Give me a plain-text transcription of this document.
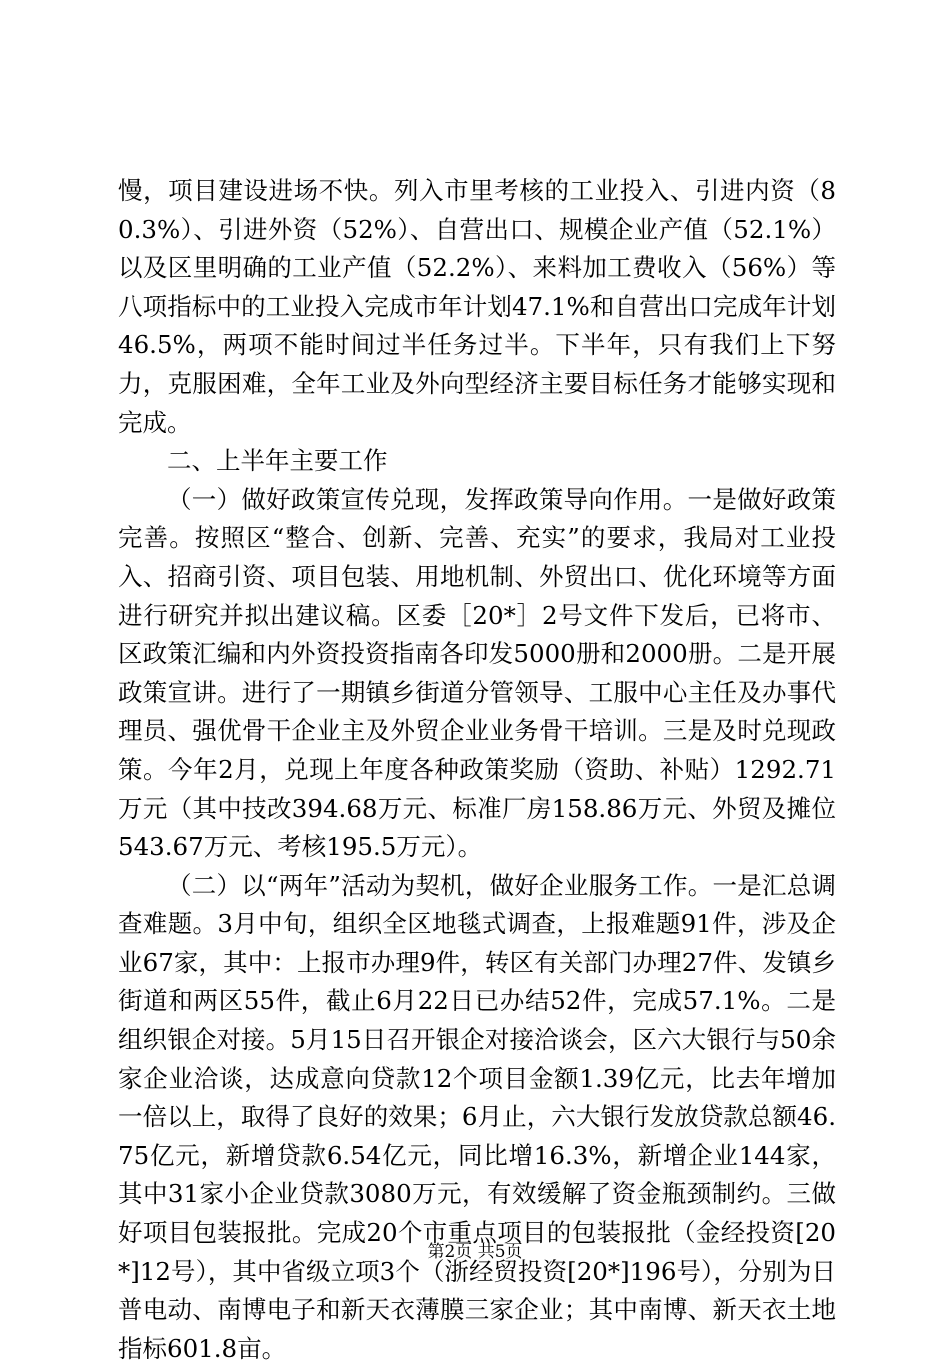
慢，项目建设进场不快。列入市里考核的工业投入、引进内资（80.3%）、引进外资（52%）、自营出口、规模企业产值（52.1%）以及区里明确的工业产值（52.2%）、来料加工费收入（56%）等八项指标中的工业投入完成市年计划47.1%和自营出口完成年计划46.5%，两项不能时间过半任务过半。下半年，只有我们上下努力，克服困难，全年工业及外向型经济主要目标任务才能够实现和完成。

二、上半年主要工作

（一）做好政策宣传兑现，发挥政策导向作用。一是做好政策完善。按照区“整合、创新、完善、充实”的要求，我局对工业投入、招商引资、项目包装、用地机制、外贸出口、优化环境等方面进行研究并拟出建议稿。区委［20*］2号文件下发后，已将市、区政策汇编和内外资投资指南各印发5000册和2000册。二是开展政策宣讲。进行了一期镇乡街道分管领导、工服中心主任及办事代理员、强优骨干企业主及外贸企业业务骨干培训。三是及时兑现政策。今年2月，兑现上年度各种政策奖励（资助、补贴）1292.71万元（其中技改394.68万元、标准厂房158.86万元、外贸及摊位543.67万元、考核195.5万元）。

（二）以“两年”活动为契机，做好企业服务工作。一是汇总调查难题。3月中旬，组织全区地毯式调查，上报难题91件，涉及企业67家，其中：上报市办理9件，转区有关部门办理27件、发镇乡街道和两区55件，截止6月22日已办结52件，完成57.1%。二是组织银企对接。5月15日召开银企对接洽谈会，区六大银行与50余家企业洽谈，达成意向贷款12个项目金额1.39亿元，比去年增加一倍以上，取得了良好的效果；6月止，六大银行发放贷款总额46.75亿元，新增贷款6.54亿元，同比增16.3%，新增企业144家，其中31家小企业贷款3080万元，有效缓解了资金瓶颈制约。三做好项目包装报批。完成20个市重点项目的包装报批（金经投资[20*]12号），其中省级立项3个（浙经贸投资[20*]196号），分别为日普电动、南博电子和新天衣薄膜三家企业；其中南博、新天衣土地指标601.8亩。

第2页 共5页
